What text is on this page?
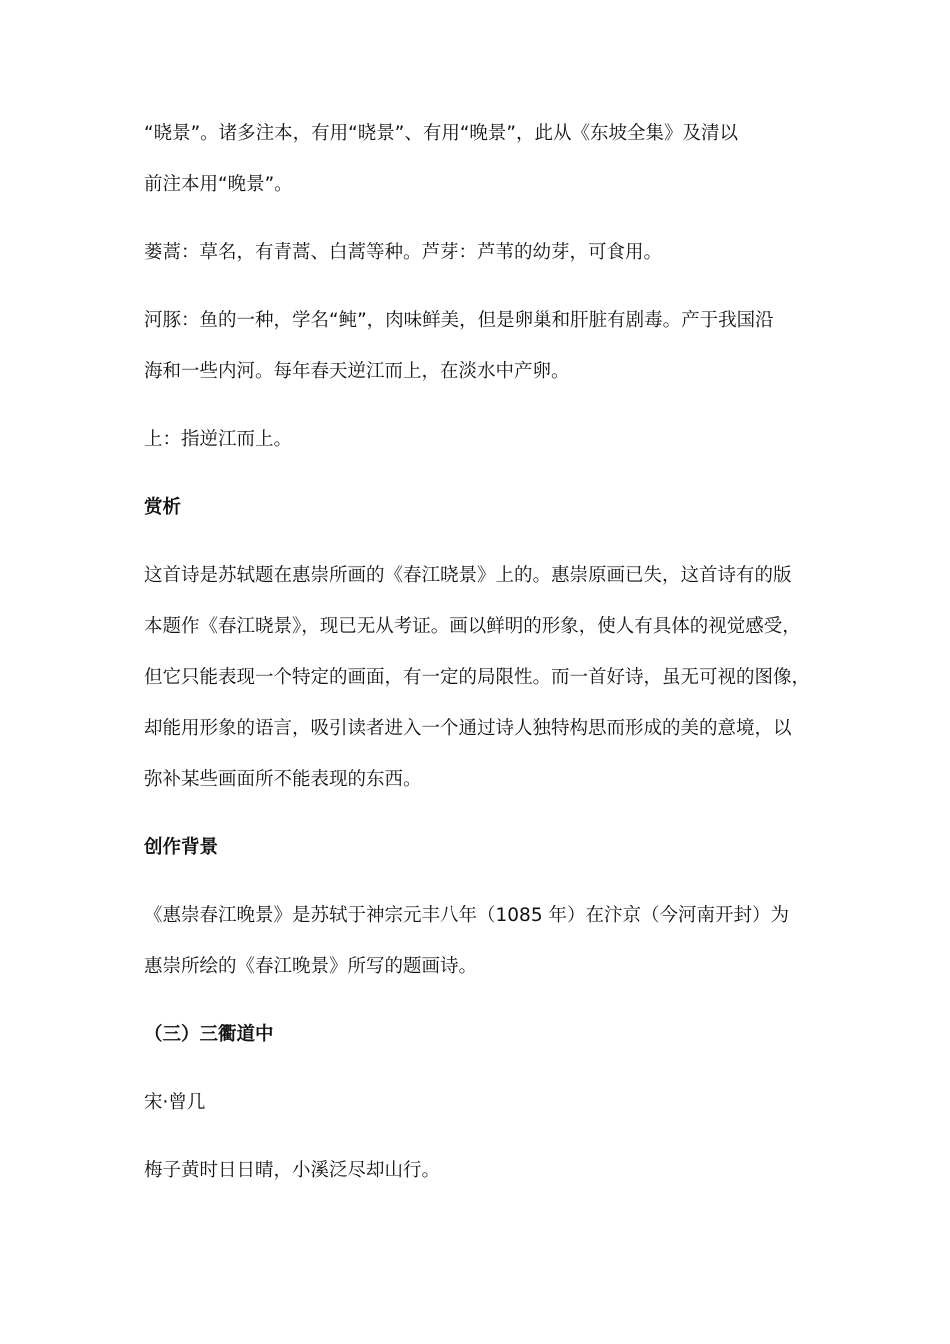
“晓景”。诸多注本，有用“晓景”、有用“晚景”，此从《东坡全集》及清以
前注本用“晚景”。

蒌蒿：草名，有青蒿、白蒿等种。芦芽：芦苇的幼芽，可食用。

河豚：鱼的一种，学名“鲀”，肉味鲜美，但是卵巢和肝脏有剧毒。产于我国沿
海和一些内河。每年春天逆江而上，在淡水中产卵。

上：指逆江而上。

赏析

这首诗是苏轼题在惠崇所画的《春江晓景》上的。惠崇原画已失，这首诗有的版
本题作《春江晓景》，现已无从考证。画以鲜明的形象，使人有具体的视觉感受，
但它只能表现一个特定的画面，有一定的局限性。而一首好诗，虽无可视的图像，
却能用形象的语言，吸引读者进入一个通过诗人独特构思而形成的美的意境，以
弥补某些画面所不能表现的东西。

创作背景

《惠崇春江晚景》是苏轼于神宗元丰八年（1085 年）在汴京（今河南开封）为
惠崇所绘的《春江晚景》所写的题画诗。

（三）三衢道中

宋·曾几

梅子黄时日日晴，小溪泛尽却山行。
